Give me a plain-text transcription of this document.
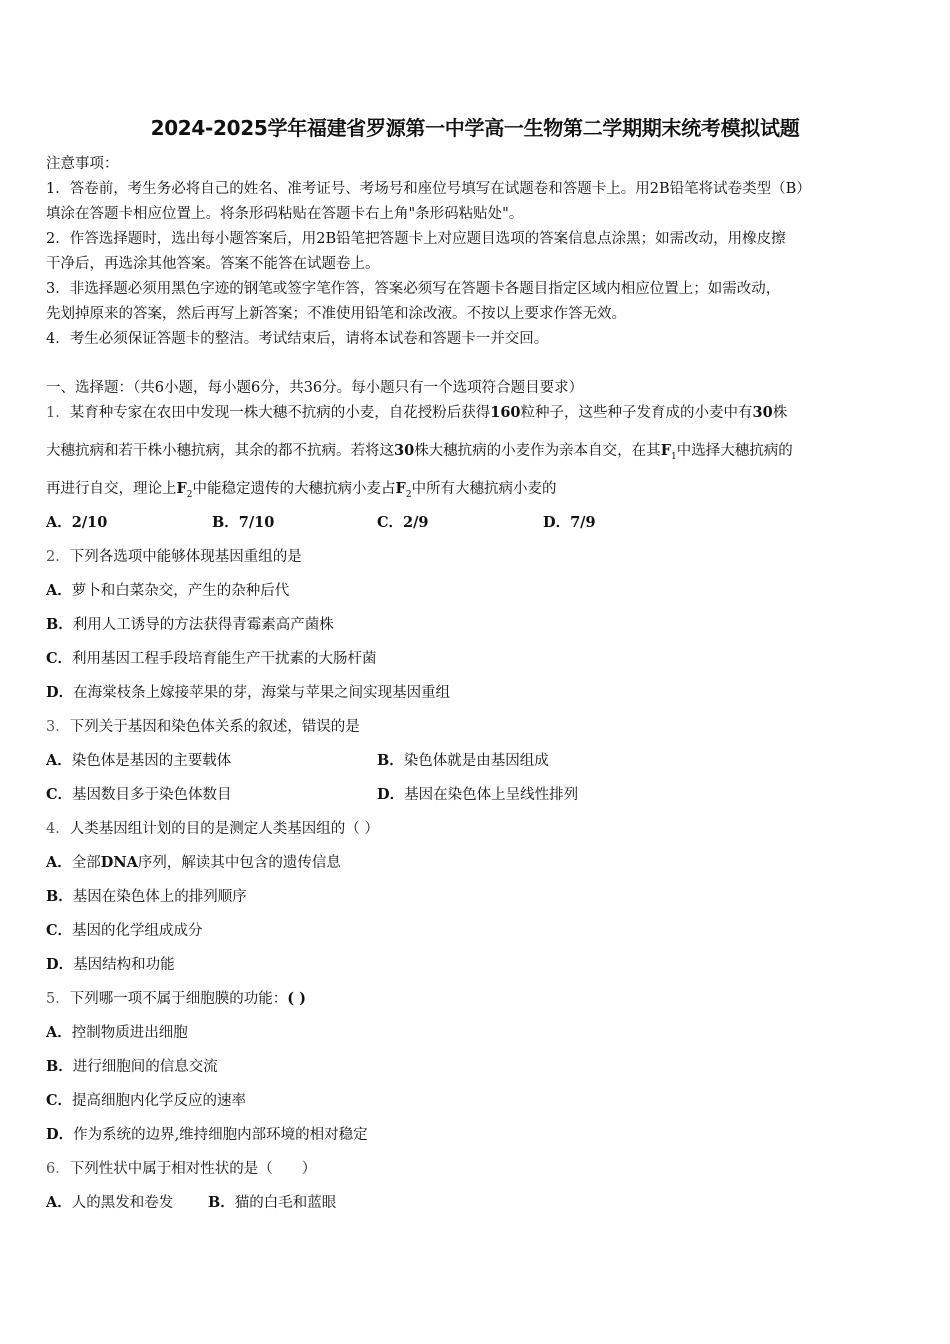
2024-2025学年福建省罗源第一中学高一生物第二学期期末统考模拟试题
注意事项：
1．答卷前，考生务必将自己的姓名、准考证号、考场号和座位号填写在试题卷和答题卡上。用2B铅笔将试卷类型（B）
填涂在答题卡相应位置上。将条形码粘贴在答题卡右上角"条形码粘贴处"。
2．作答选择题时，选出每小题答案后，用2B铅笔把答题卡上对应题目选项的答案信息点涂黑；如需改动，用橡皮擦
干净后，再选涂其他答案。答案不能答在试题卷上。
3．非选择题必须用黑色字迹的钢笔或签字笔作答，答案必须写在答题卡各题目指定区域内相应位置上；如需改动，
先划掉原来的答案，然后再写上新答案；不准使用铅笔和涂改液。不按以上要求作答无效。
4．考生必须保证答题卡的整洁。考试结束后，请将本试卷和答题卡一并交回。
一、选择题：（共6小题，每小题6分，共36分。每小题只有一个选项符合题目要求）
1．某育种专家在农田中发现一株大穗不抗病的小麦，自花授粉后获得160粒种子，这些种子发育成的小麦中有30株
大穗抗病和若干株小穗抗病，其余的都不抗病。若将这30株大穗抗病的小麦作为亲本自交，在其$F_1$中选择大穗抗病的
再进行自交，理论上$F_2$中能稳定遗传的大穗抗病小麦占$F_2$中所有大穗抗病小麦的
A．2/10	B．7/10	C．2/9	D．7/9
2．下列各选项中能够体现基因重组的是
A．萝卜和白菜杂交，产生的杂种后代
B．利用人工诱导的方法获得青霉素高产菌株
C．利用基因工程手段培育能生产干扰素的大肠杆菌
D．在海棠枝条上嫁接苹果的芽，海棠与苹果之间实现基因重组
3．下列关于基因和染色体关系的叙述，错误的是
A．染色体是基因的主要载体	B．染色体就是由基因组成
C．基因数目多于染色体数目	D．基因在染色体上呈线性排列
4．人类基因组计划的目的是测定人类基因组的（ ）
A．全部DNA序列，解读其中包含的遗传信息
B．基因在染色体上的排列顺序
C．基因的化学组成成分
D．基因结构和功能
5．下列哪一项不属于细胞膜的功能：( )
A．控制物质进出细胞
B．进行细胞间的信息交流
C．提高细胞内化学反应的速率
D．作为系统的边界,维持细胞内部环境的相对稳定
6．下列性状中属于相对性状的是（　　）
A．人的黑发和卷发 B．猫的白毛和蓝眼
